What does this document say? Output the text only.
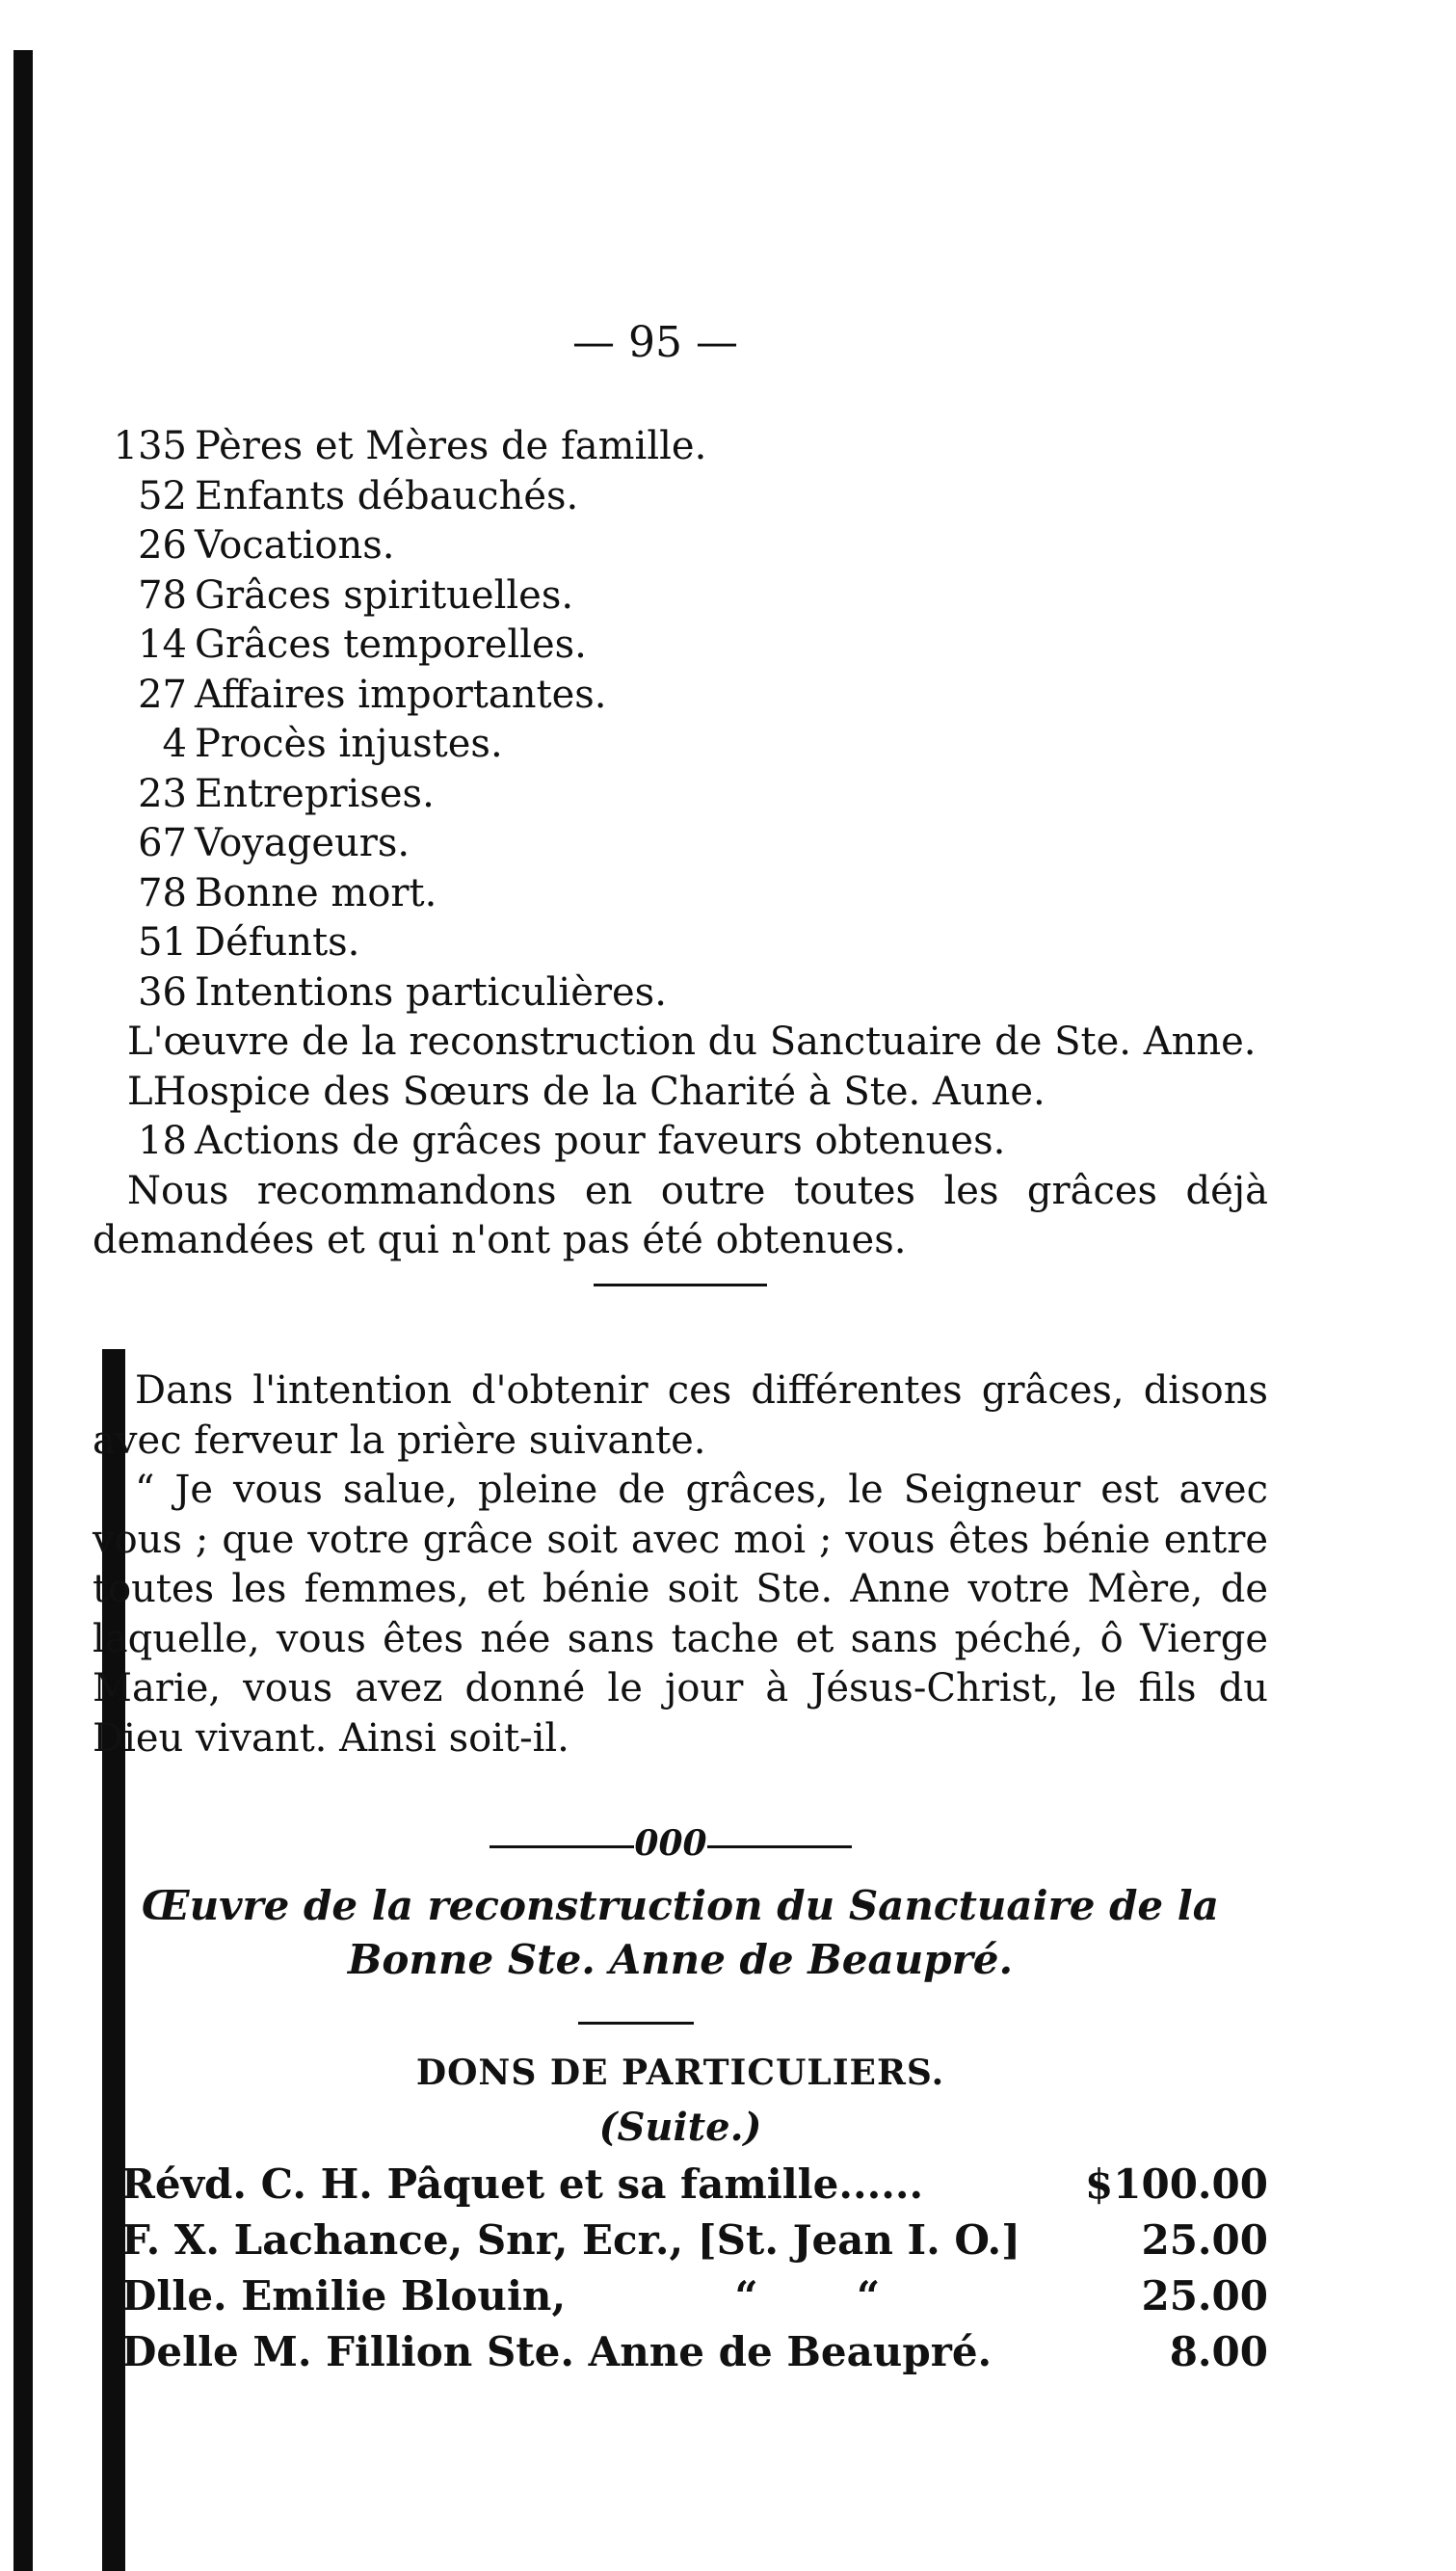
— 95 —
135 Pères et Mères de famille.
52 Enfants débauchés.
26 Vocations.
78 Grâces spirituelles.
14 Grâces temporelles.
27 Affaires importantes.
4 Procès injustes.
23 Entreprises.
67 Voyageurs.
78 Bonne mort.
51 Défunts.
36 Intentions particulières.
L'œuvre de la reconstruction du Sanctuaire de Ste. Anne.
LHospice des Sœurs de la Charité à Ste. Aune.
18 Actions de grâces pour faveurs obtenues.
Nous recommandons en outre toutes les grâces déjà demandées et qui n'ont pas été obtenues.

Dans l'intention d'obtenir ces différentes grâces, disons avec ferveur la prière suivante.

“ Je vous salue, pleine de grâces, le Seigneur est avec vous ; que votre grâce soit avec moi ; vous êtes bénie entre toutes les femmes, et bénie soit Ste. Anne votre Mère, de laquelle, vous êtes née sans tache et sans péché, ô Vierge Marie, vous avez donné le jour à Jésus-Christ, le fils du Dieu vivant. Ainsi soit-il.

000
Œuvre de la reconstruction du Sanctuaire de la
Bonne Ste. Anne de Beaupré.
DONS DE PARTICULIERS.
(Suite.)
Révd. C. H. Pâquet et sa famille......	$100.00
F. X. Lachance, Snr, Ecr., [St. Jean I. O.]	25.00
Dlle. Emilie Blouin,            “       “	25.00
Delle M. Fillion Ste. Anne de Beaupré.	8.00
